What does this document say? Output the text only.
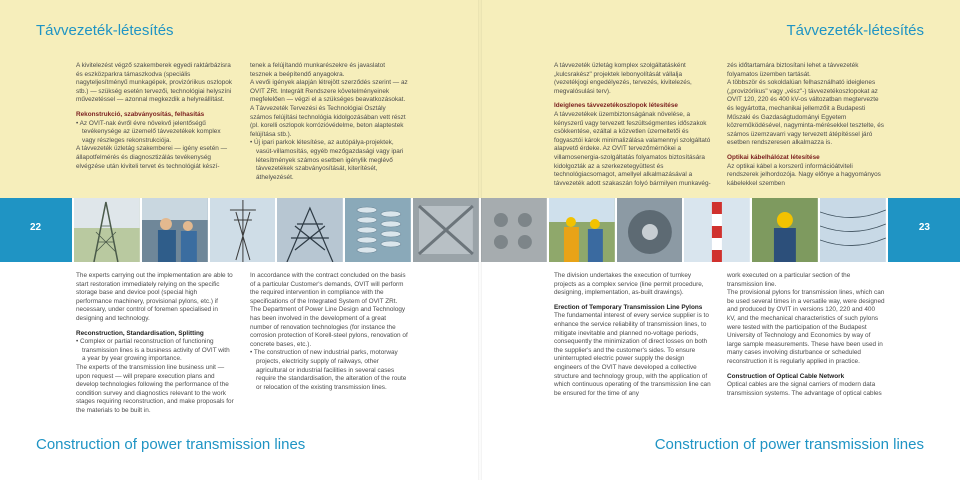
Távvezeték-létesítés	Távvezeték-létesítés

A kivitelezést végző szakemberek egyedi raktárbázisra és eszközparkra támaszkodva (speciális nagyteljesítményű munkagépek, provizóriikus oszlopok stb.) — szükség esetén tervezői, technológiai helyszíni művezetéssel — azonnal megkezdik a helyreállítást.

Rekonstrukció, szabványosítás, felhasítás

• Az OVIT-nak évről évre növekvő jelentőségű tevékenysége az üzemelő távvezetékek komplex vagy részleges rekonstrukciója.

A távvezeték üzletág szakemberei — igény esetén — állapotfelmérés és diagnosztizálás tevékenység elvégzése után kiviteli tervet és technológiát készí-

tenek a felújítandó munkarészekre és javaslatot tesznek a beépítendő anyagokra.

A vevői igények alapján létrejött szerződés szerint — az OVIT ZRt. Integrált Rendszere követelményeinek megfelelően — végzi el a szükséges beavatkozásokat. A Távvezeték Tervezési és Technológiai Osztály számos felújítási technológia kidolgozásában vett részt (pl. korelli oszlopok korrózióvédelme, beton alaptestek felújítása stb.).

• Új ipari parkok létesítése, az autópálya-projektek, vasút-villamosítás, egyéb mezőgazdasági vagy ipari létesítmények számos esetben igénylik meglévő távvezetékek szabványosítását, kiterítését, áthelyezését.

A távvezeték üzletág komplex szolgáltatásként „kulcsrakész" projektek lebonyolítását vállalja (vezetékjogi engedélyezés, tervezés, kivitelezés, megvalósulási terv).

Ideiglenes távvezetékoszlopok létesítése

A távvezetékek üzembiztonságának növelése, a kényszerű vagy tervezett feszültségmentes időszakok csökkentése, ezáltal a közvetlen üzemeltetői és fogyasztói károk minimalizálása valamennyi szolgáltató alapvető érdeke. Az OVIT tervezőmérnökei a villamosenergia-szolgáltatás folyamatos biztosítására kidolgozták az a szerkezetegyüttest és technológiacsomagot, amellyel alkalmazásával a távvezeték adott szakaszán folyó bármilyen munkavég-

zés időtartamára biztosítani lehet a távvezeték folyamatos üzemben tartását.

A többször és sokoldalúan felhasználható ideiglenes („provizórikus" vagy „vész"-) távvezetékoszlopokat az OVIT 120, 220 és 400 kV-os változatban megtervezte és legyártotta, mechanikai jellemzőit a Budapesti Műszaki és Gazdaságtudományi Egyetem közreműködésével, nagyminta-mérésekkel tesztelte, és számos üzemzavarri vagy tervezett átépítéssel járó esetben rendszeresen alkalmazza is.

Optikai kábelhálózat létesítése

Az optikai kábel a korszerű információátviteli rendszerek jelhordozója. Nagy előnye a hagyományos kábelekkel szemben

22	23

The experts carrying out the implementation are able to start restoration immediately relying on the specific storage base and device pool (special high performance machinery, provisional pylons, etc.) if necessary, under control of foremen specialised in designing and technology.

Reconstruction, Standardisation, Splitting

• Complex or partial reconstruction of functioning transmission lines is a business activity of OVIT with a year by year growing importance.

The experts of the transmission line business unit — upon request — will prepare execution plans and develop technologies following the performance of the condition survey and diagnostics relevant to the work stages requiring reconstruction, and make proposals for the materials to be built in.

In accordance with the contract concluded on the basis of a particular Customer's demands, OVIT will perform the required intervention in compliance with the specifications of the Integrated System of OVIT ZRt. The Department of Power Line Design and Technology has been involved in the development of a great number of renovation technologies (for instance the corrosion protection of Korell-steel pylons, renovation of concrete bases, etc.).

• The construction of new industrial parks, motorway projects, electricity supply of railways, other agricultural or industrial facilities in several cases require the standardisation, the alteration of the route or relocation of the existing transmission lines.

The division undertakes the execution of turnkey projects as a complex service (line permit procedure, designing, implementation, as-built drawings).

Erection of Temporary Transmission Line Pylons

The fundamental interest of every service supplier is to enhance the service reliability of transmission lines, to mitigate inevitable and planned no-voltage periods, consequently the minimization of direct losses on both the supplier's and the customer's sides. To ensure uninterrupted electric power supply the design engineers of the OVIT have developed a collective structure and technology group, with the application of which continuous operating of the transmission line can be ensured for the time of any

work executed on a particular section of the transmission line.

The provisional pylons for transmission lines, which can be used several times in a versatile way, were designed and produced by OVIT in versions 120, 220 and 400 kV, and the mechanical characteristics of such pylons were tested with the participation of the Budapest University of Technology and Economics by way of large sample measurements. These have been used in many cases involving disturbance or scheduled reconstruction it is regularly applied in practice.

Construction of Optical Cable Network

Optical cables are the signal carriers of modern data transmission systems. The advantage of optical cables

Construction of power transmission lines	Construction of power transmission lines
